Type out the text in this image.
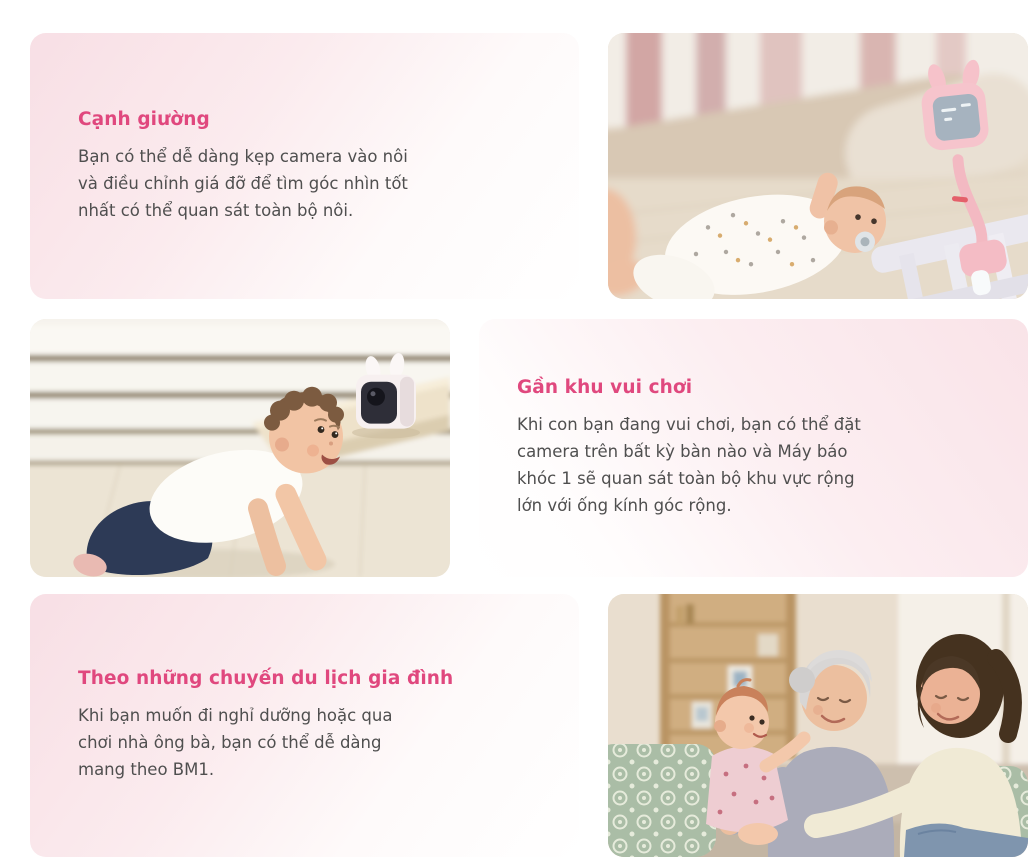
Cạnh giường
Bạn có thể dễ dàng kẹp camera vào nôi
và điều chỉnh giá đỡ để tìm góc nhìn tốt
nhất có thể quan sát toàn bộ nôi.
Gần khu vui chơi
Khi con bạn đang vui chơi, bạn có thể đặt
camera trên bất kỳ bàn nào và Máy báo
khóc 1 sẽ quan sát toàn bộ khu vực rộng
lớn với ống kính góc rộng.
Theo những chuyến du lịch gia đình
Khi bạn muốn đi nghỉ dưỡng hoặc qua
chơi nhà ông bà, bạn có thể dễ dàng
mang theo BM1.
